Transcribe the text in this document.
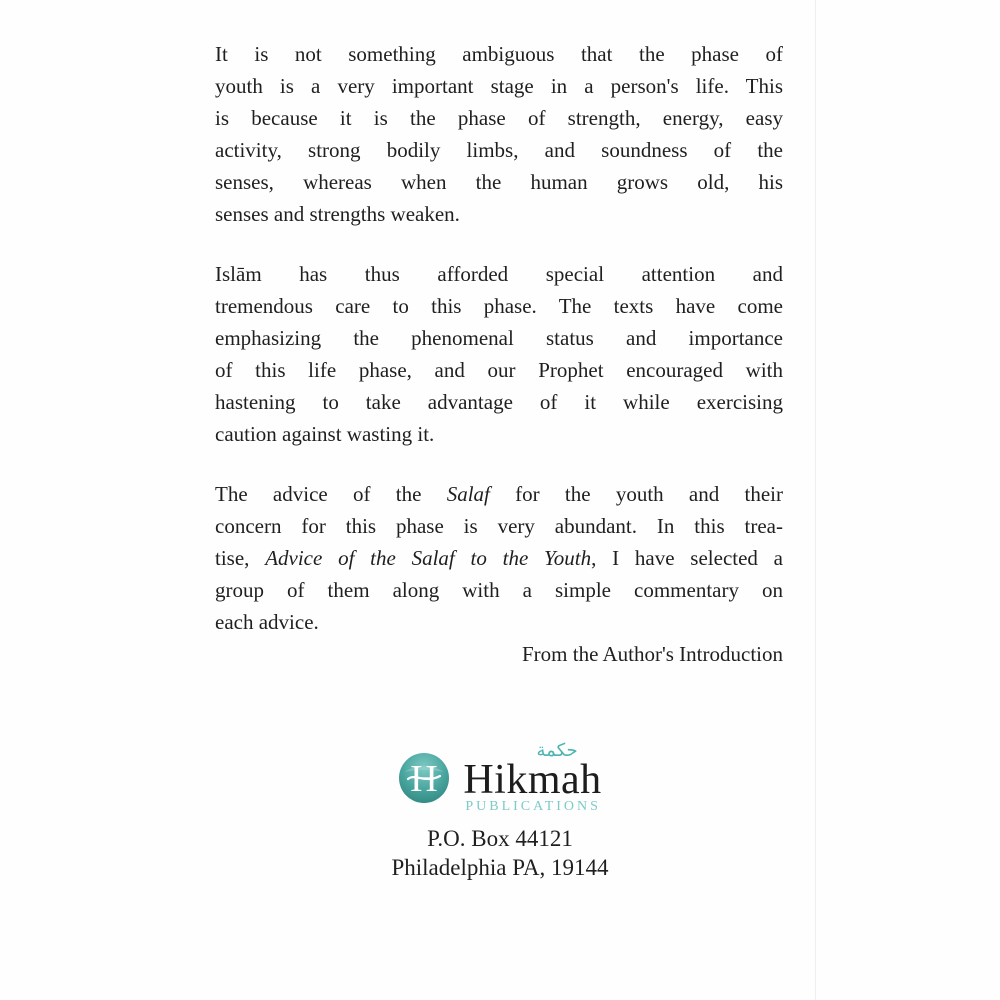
It is not something ambiguous that the phase of
youth is a very important stage in a person's life. This
is because it is the phase of strength, energy, easy
activity, strong bodily limbs, and soundness of the
senses, whereas when the human grows old, his
senses and strengths weaken.
Islām has thus afforded special attention and
tremendous care to this phase. The texts have come
emphasizing the phenomenal status and importance
of this life phase, and our Prophet encouraged with
hastening to take advantage of it while exercising
caution against wasting it.
The advice of the Salaf for the youth and their
concern for this phase is very abundant. In this trea-
tise, Advice of the Salaf to the Youth, I have selected a
group of them along with a simple commentary on
each advice.
From the Author's Introduction
H
حكمة
Hikmah
PUBLICATIONS
P.O. Box 44121
Philadelphia PA, 19144
